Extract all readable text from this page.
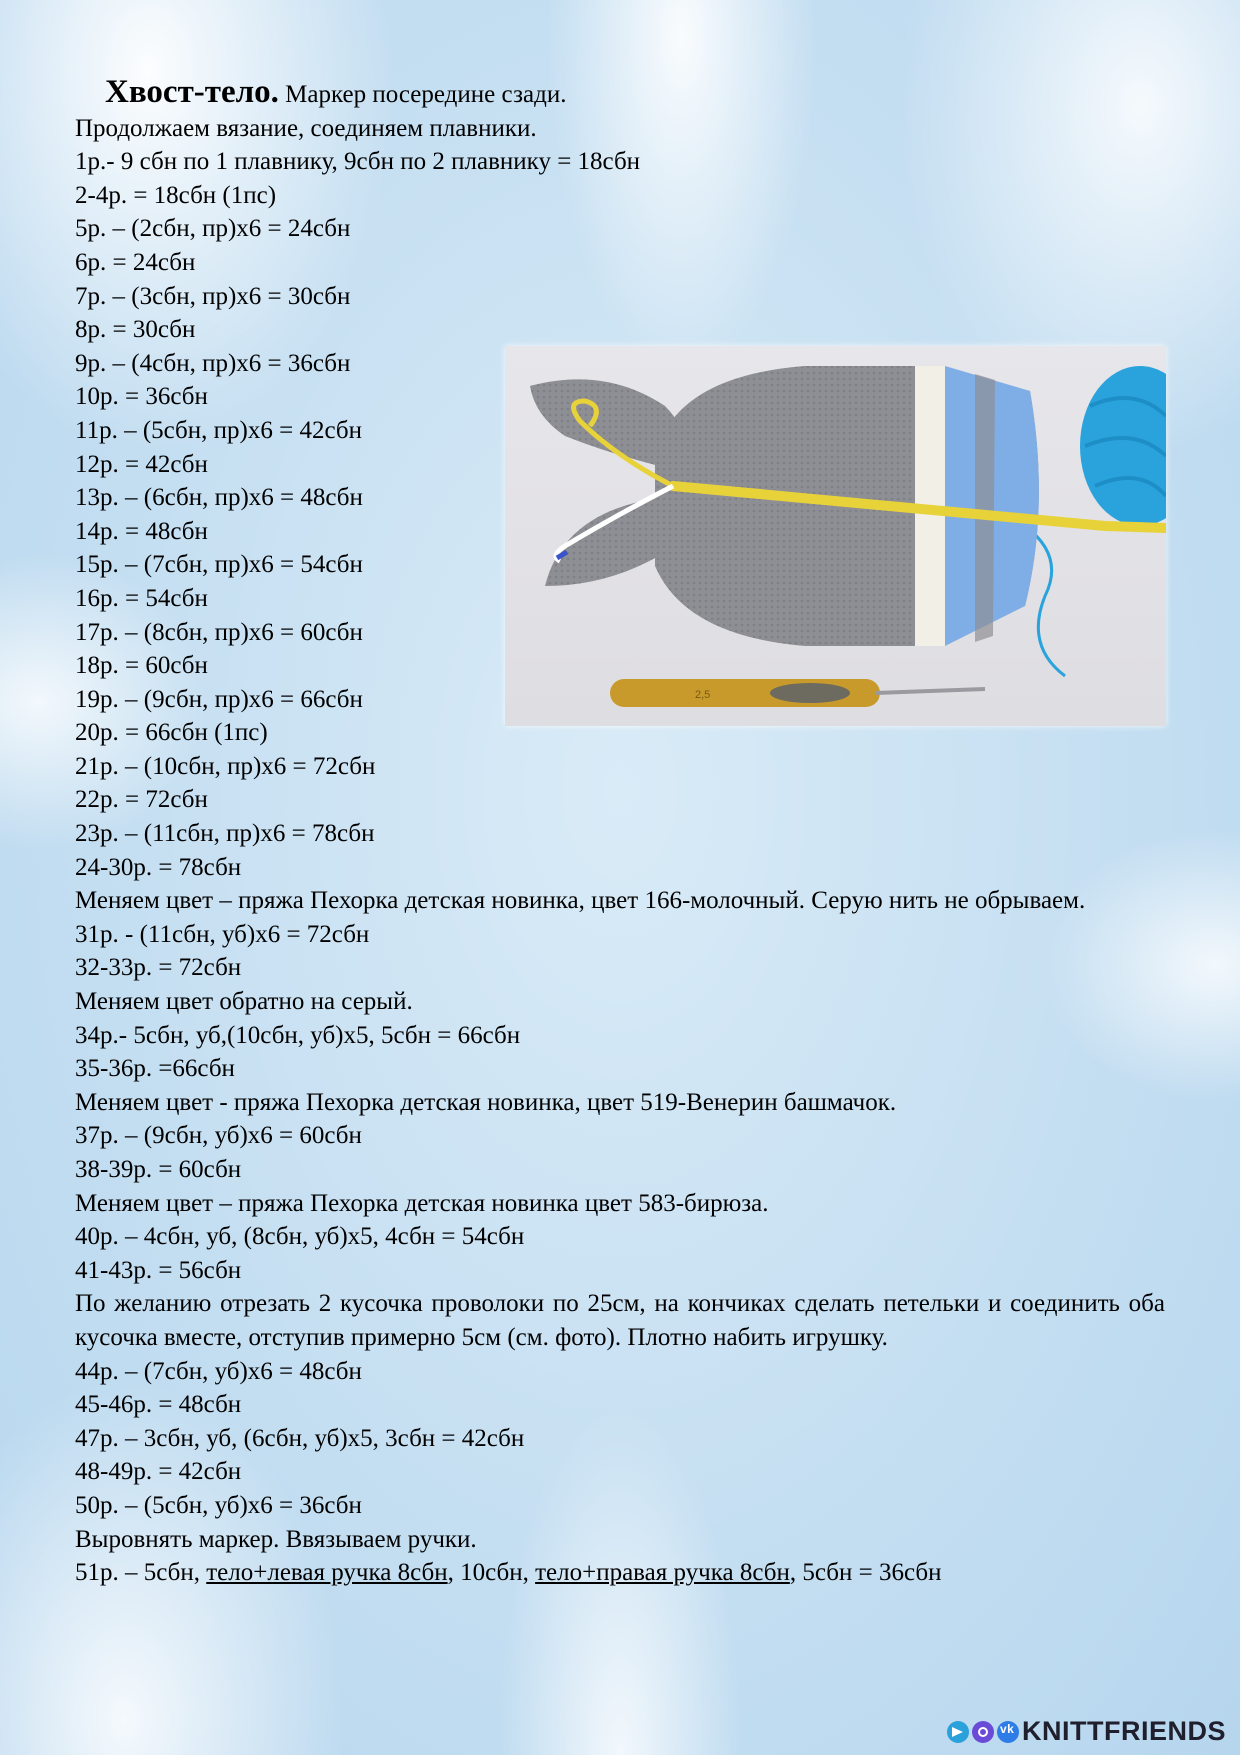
Хвост-тело. Маркер посередине сзади.
Продолжаем вязание, соединяем плавники.
1р.- 9 сбн по 1 плавнику, 9сбн по 2 плавнику = 18сбн
2-4р. = 18сбн (1пс)
5р. – (2сбн, пр)х6 = 24сбн
6р. = 24сбн
7р. – (3сбн, пр)х6 = 30сбн
8р. = 30сбн
9р. – (4сбн, пр)х6 = 36сбн
10р. = 36сбн
11р. – (5сбн, пр)х6 = 42сбн
12р. = 42сбн
13р. – (6сбн, пр)х6 = 48сбн
14р. = 48сбн
15р. – (7сбн, пр)х6 = 54сбн
16р. = 54сбн
17р. – (8сбн, пр)х6 = 60сбн
18р. = 60сбн
19р. – (9сбн, пр)х6 = 66сбн
20р. = 66сбн (1пс)
21р. – (10сбн, пр)х6 = 72сбн
22р. = 72сбн
23р. – (11сбн, пр)х6 = 78сбн
24-30р. = 78сбн
Меняем цвет – пряжа Пехорка детская новинка, цвет 166-молочный. Серую нить не обрываем.
31р. - (11сбн, уб)х6 = 72сбн
32-33р. = 72сбн
Меняем цвет обратно на серый.
34р.- 5сбн, уб,(10сбн, уб)х5, 5сбн = 66сбн
35-36р. =66сбн
Меняем цвет - пряжа Пехорка детская новинка, цвет 519-Венерин башмачок.
37р. – (9сбн, уб)х6 = 60сбн
38-39р. = 60сбн
Меняем цвет – пряжа Пехорка детская новинка цвет 583-бирюза.
40р. – 4сбн, уб, (8сбн, уб)х5, 4сбн = 54сбн
41-43р. = 56сбн
По желанию отрезать 2 кусочка проволоки по 25см, на кончиках сделать петельки и соединить оба кусочка вместе, отступив примерно 5см (см. фото). Плотно набить игрушку.
44р. – (7сбн, уб)х6 = 48сбн
45-46р. = 48сбн
47р. – 3сбн, уб, (6сбн, уб)х5, 3сбн = 42сбн
48-49р. = 42сбн
50р. – (5сбн, уб)х6 = 36сбн
Выровнять маркер. Ввязываем ручки.
51р. – 5сбн, тело+левая ручка 8сбн, 10сбн, тело+правая ручка 8сбн, 5сбн = 36сбн
2,5
vk
KNITTFRIENDS
